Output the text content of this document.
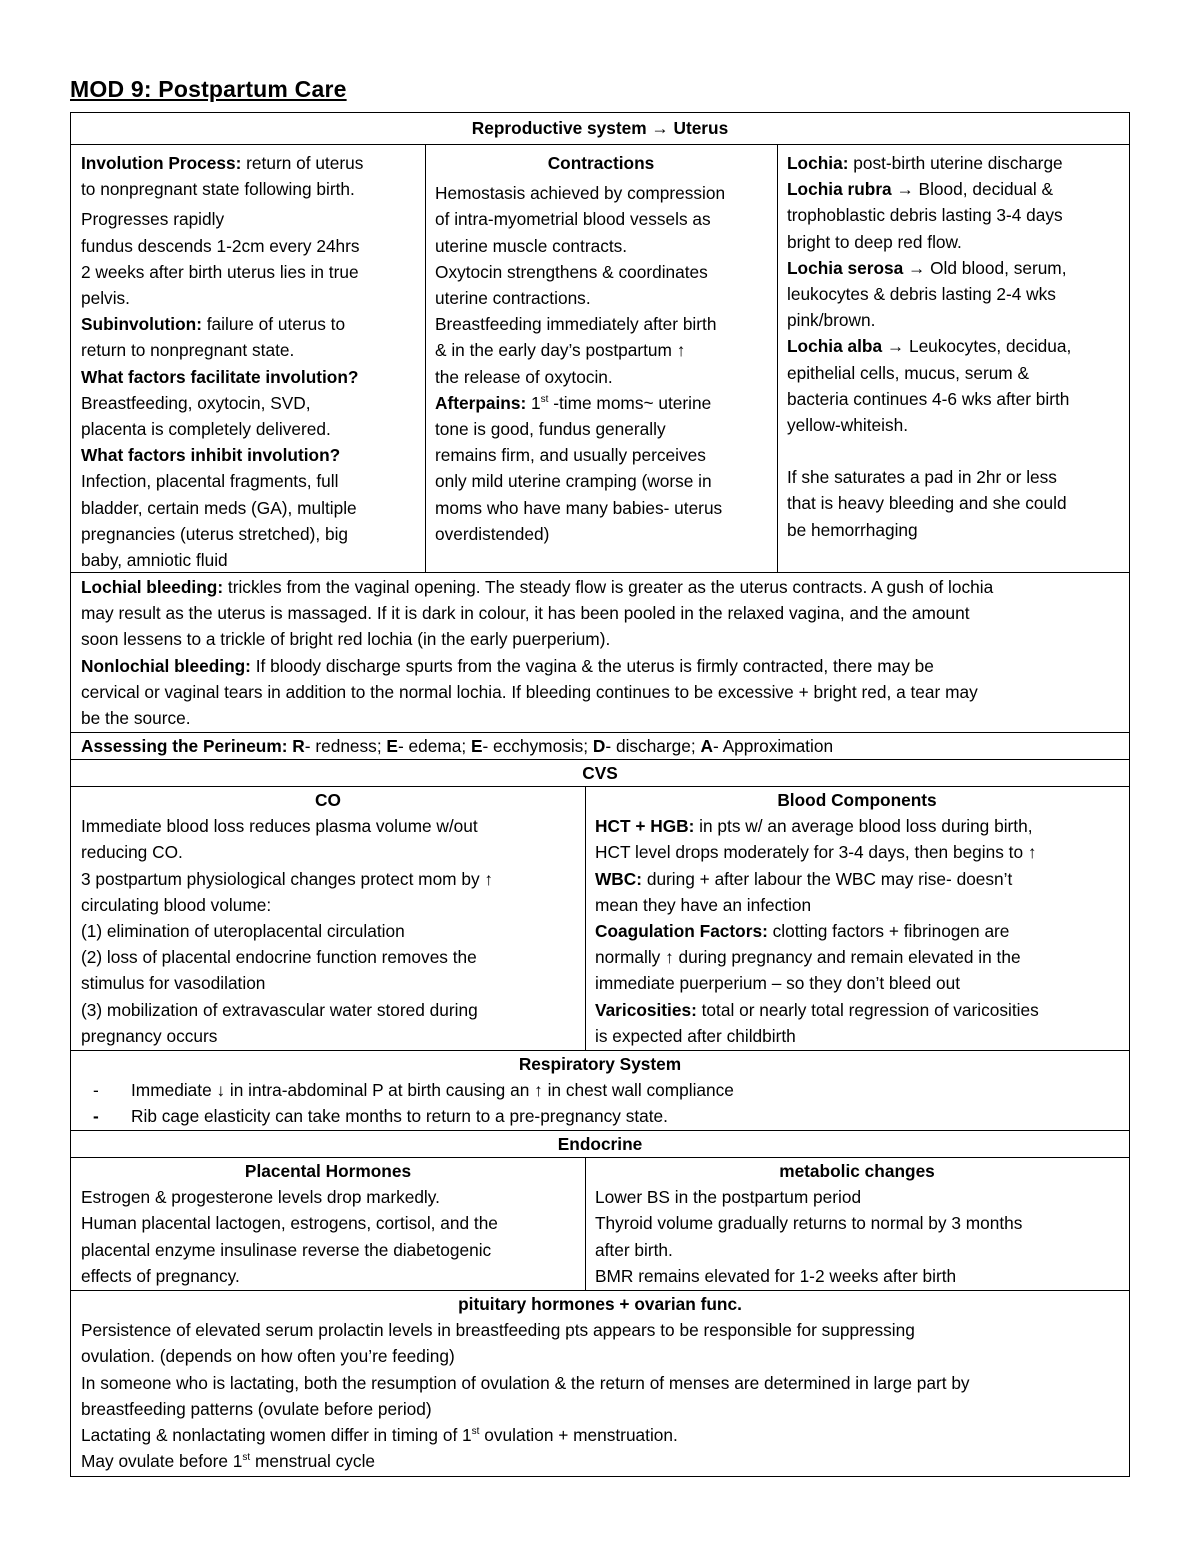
MOD 9: Postpartum Care
Reproductive system → Uterus
Involution Process: return of uterus
to nonpregnant state following birth.
Progresses rapidly
fundus descends 1-2cm every 24hrs
2 weeks after birth uterus lies in true
pelvis.
Subinvolution: failure of uterus to
return to nonpregnant state.
What factors facilitate involution?
Breastfeeding, oxytocin, SVD,
placenta is completely delivered.
What factors inhibit involution?
Infection, placental fragments, full
bladder, certain meds (GA), multiple
pregnancies (uterus stretched), big
baby, amniotic fluid
Contractions
Hemostasis achieved by compression
of intra-myometrial blood vessels as
uterine muscle contracts.
Oxytocin strengthens & coordinates
uterine contractions.
Breastfeeding immediately after birth
& in the early day’s postpartum ↑
the release of oxytocin.
Afterpains: 1st -time moms~ uterine
tone is good, fundus generally
remains firm, and usually perceives
only mild uterine cramping (worse in
moms who have many babies- uterus
overdistended)
Lochia: post-birth uterine discharge
Lochia rubra → Blood, decidual &
trophoblastic debris lasting 3-4 days
bright to deep red flow.
Lochia serosa → Old blood, serum,
leukocytes & debris lasting 2-4 wks
pink/brown.
Lochia alba → Leukocytes, decidua,
epithelial cells, mucus, serum &
bacteria continues 4-6 wks after birth
yellow-whiteish.
If she saturates a pad in 2hr or less
that is heavy bleeding and she could
be hemorrhaging
Lochial bleeding: trickles from the vaginal opening. The steady flow is greater as the uterus contracts. A gush of lochia
may result as the uterus is massaged. If it is dark in colour, it has been pooled in the relaxed vagina, and the amount
soon lessens to a trickle of bright red lochia (in the early puerperium).
Nonlochial bleeding: If bloody discharge spurts from the vagina & the uterus is firmly contracted, there may be
cervical or vaginal tears in addition to the normal lochia. If bleeding continues to be excessive + bright red, a tear may
be the source.
Assessing the Perineum: R- redness; E- edema; E- ecchymosis; D- discharge; A- Approximation
CVS
CO
Immediate blood loss reduces plasma volume w/out
reducing CO.
3 postpartum physiological changes protect mom by ↑
circulating blood volume:
(1) elimination of uteroplacental circulation
(2) loss of placental endocrine function removes the
stimulus for vasodilation
(3) mobilization of extravascular water stored during
pregnancy occurs
Blood Components
HCT + HGB: in pts w/ an average blood loss during birth,
HCT level drops moderately for 3-4 days, then begins to ↑
WBC: during + after labour the WBC may rise- doesn’t
mean they have an infection
Coagulation Factors: clotting factors + fibrinogen are
normally ↑ during pregnancy and remain elevated in the
immediate puerperium – so they don’t bleed out
Varicosities: total or nearly total regression of varicosities
is expected after childbirth
Respiratory System
- Immediate ↓ in intra-abdominal P at birth causing an ↑ in chest wall compliance
- Rib cage elasticity can take months to return to a pre-pregnancy state.
Endocrine
Placental Hormones
Estrogen & progesterone levels drop markedly.
Human placental lactogen, estrogens, cortisol, and the
placental enzyme insulinase reverse the diabetogenic
effects of pregnancy.
metabolic changes
Lower BS in the postpartum period
Thyroid volume gradually returns to normal by 3 months
after birth.
BMR remains elevated for 1-2 weeks after birth
pituitary hormones + ovarian func.
Persistence of elevated serum prolactin levels in breastfeeding pts appears to be responsible for suppressing
ovulation. (depends on how often you’re feeding)
In someone who is lactating, both the resumption of ovulation & the return of menses are determined in large part by
breastfeeding patterns (ovulate before period)
Lactating & nonlactating women differ in timing of 1st ovulation + menstruation.
May ovulate before 1st menstrual cycle
